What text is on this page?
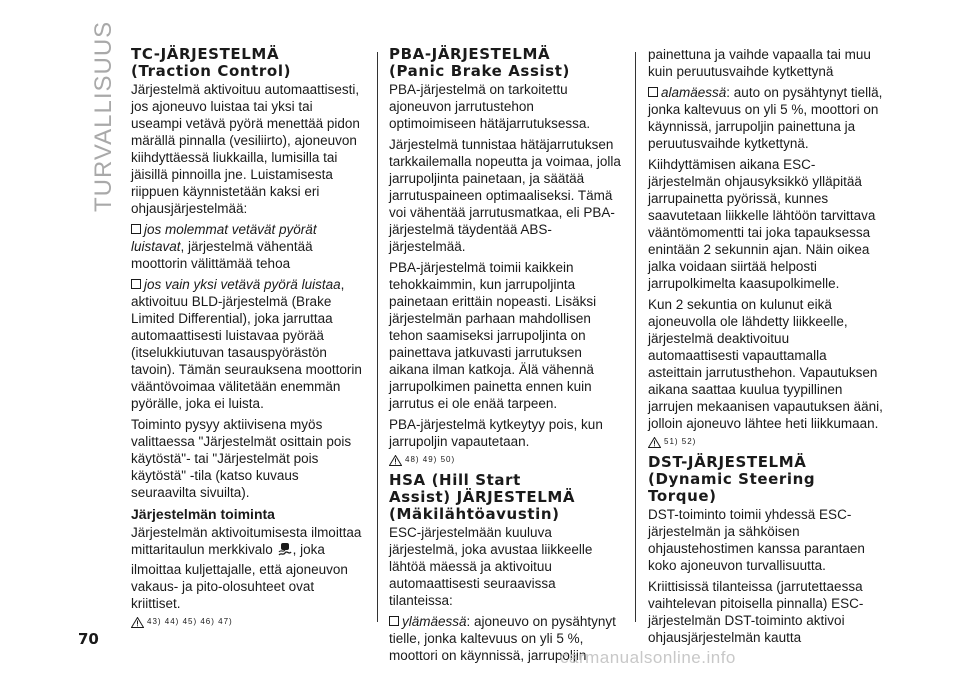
TURVALLISUUS TC-JÄRJESTELMÄ
(Traction Control)

Järjestelmä aktivoituu automaattisesti, jos ajoneuvo luistaa tai yksi tai useampi vetävä pyörä menettää pidon märällä pinnalla (vesiliirto), ajoneuvon kiihdyttäessä liukkailla, lumisilla tai jäisillä pinnoilla jne. Luistamisesta riippuen käynnistetään kaksi eri ohjausjärjestelmää:

jos molemmat vetävät pyörät luistavat, järjestelmä vähentää moottorin välittämää tehoa

jos vain yksi vetävä pyörä luistaa, aktivoituu BLD-järjestelmä (Brake Limited Differential), joka jarruttaa automaattisesti luistavaa pyörää (itselukkiutuvan tasauspyörästön tavoin). Tämän seurauksena moottorin vääntövoimaa välitetään enemmän pyörälle, joka ei luista.

Toiminto pysyy aktiivisena myös valittaessa "Järjestelmät osittain pois käytöstä"- tai "Järjestelmät pois käytöstä" -tila (katso kuvaus seuraavilta sivuilta).

Järjestelmän toiminta

Järjestelmän aktivoitumisesta ilmoittaa mittaritaulun merkkivalo , joka ilmoittaa kuljettajalle, että ajoneuvon vakaus- ja pito-olosuhteet ovat kriittiset.

43) 44) 45) 46) 47)
PBA-JÄRJESTELMÄ
(Panic Brake Assist)

PBA-järjestelmä on tarkoitettu ajoneuvon jarrutustehon optimoimiseen hätäjarrutuksessa.

Järjestelmä tunnistaa hätäjarrutuksen tarkkailemalla nopeutta ja voimaa, jolla jarrupoljinta painetaan, ja säätää jarrutuspaineen optimaaliseksi. Tämä voi vähentää jarrutusmatkaa, eli PBA-järjestelmä täydentää ABS-järjestelmää.

PBA-järjestelmä toimii kaikkein tehokkaimmin, kun jarrupoljinta painetaan erittäin nopeasti. Lisäksi järjestelmän parhaan mahdollisen tehon saamiseksi jarrupoljinta on painettava jatkuvasti jarrutuksen aikana ilman katkoja. Älä vähennä jarrupolkimen painetta ennen kuin jarrutus ei ole enää tarpeen.

PBA-järjestelmä kytkeytyy pois, kun jarrupoljin vapautetaan.

48) 49) 50)
HSA (Hill Start
Assist) JÄRJESTELMÄ
(Mäkilähtöavustin)

ESC-järjestelmään kuuluva järjestelmä, joka avustaa liikkeelle lähtöä mäessä ja aktivoituu automaattisesti seuraavissa tilanteissa:

ylämäessä: ajoneuvo on pysähtynyt tielle, jonka kaltevuus on yli 5 %, moottori on käynnissä, jarrupoljin

painettuna ja vaihde vapaalla tai muu kuin peruutusvaihde kytkettynä

alamäessä: auto on pysähtynyt tiellä, jonka kaltevuus on yli 5 %, moottori on käynnissä, jarrupoljin painettuna ja peruutusvaihde kytkettynä.

Kiihdyttämisen aikana ESC-järjestelmän ohjausyksikkö ylläpitää jarrupainetta pyörissä, kunnes saavutetaan liikkelle lähtöön tarvittava vääntömomentti tai joka tapauksessa enintään 2 sekunnin ajan. Näin oikea jalka voidaan siirtää helposti jarrupolkimelta kaasupolkimelle.

Kun 2 sekuntia on kulunut eikä ajoneuvolla ole lähdetty liikkeelle, järjestelmä deaktivoituu automaattisesti vapauttamalla asteittain jarrutusthehon. Vapautuksen aikana saattaa kuulua tyypillinen jarrujen mekaanisen vapautuksen ääni, jolloin ajoneuvo lähtee heti liikkumaan.

51) 52)
DST-JÄRJESTELMÄ
(Dynamic Steering
Torque)

DST-toiminto toimii yhdessä ESC-järjestelmän ja sähköisen ohjaustehostimen kanssa parantaen koko ajoneuvon turvallisuutta.

Kriittisissä tilanteissa (jarrutettaessa vaihtelevan pitoisella pinnalla) ESC-järjestelmän DST-toiminto aktivoi ohjausjärjestelmän kautta

70
carmanualsonline.info
